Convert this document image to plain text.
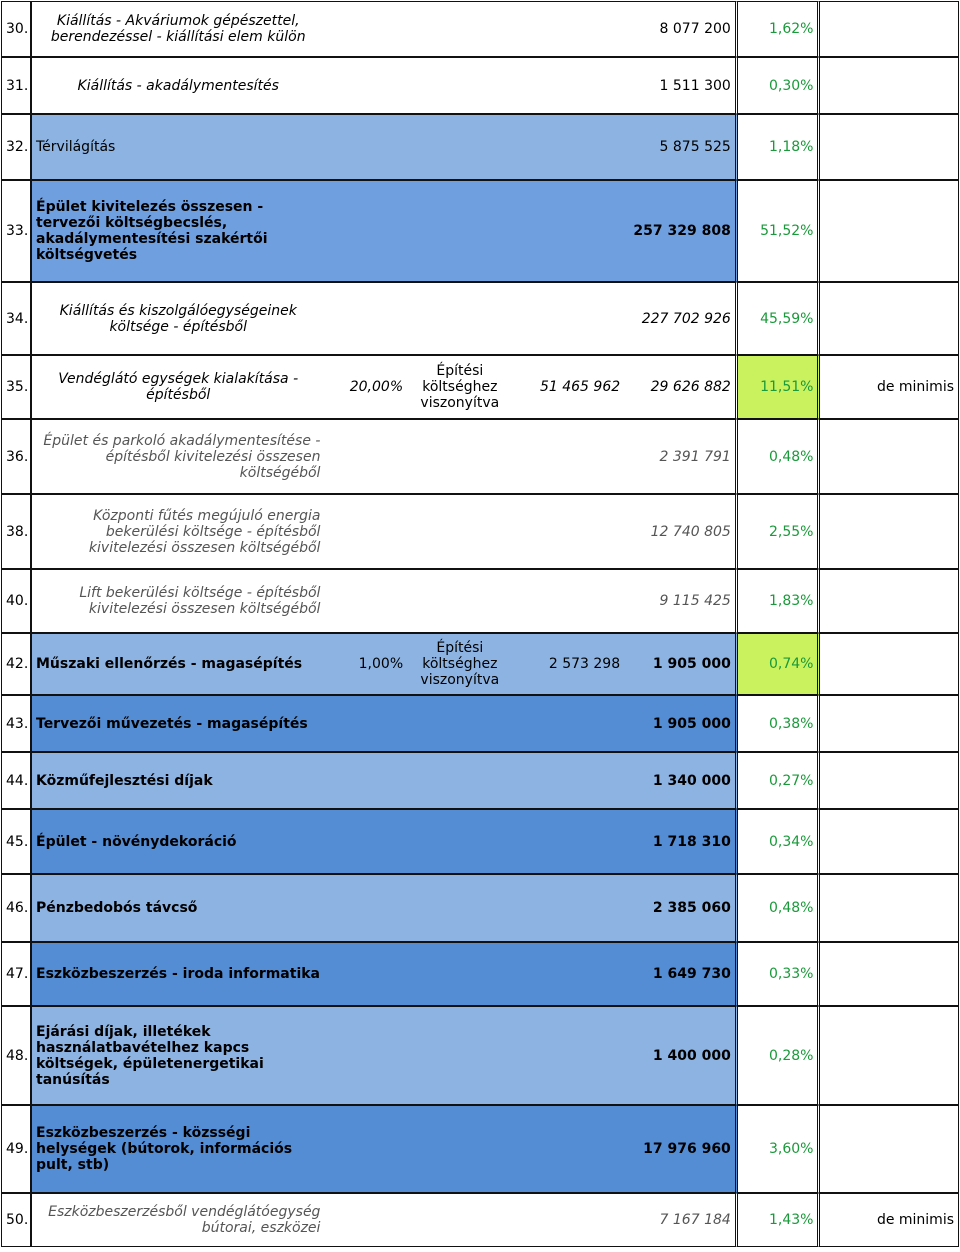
30.	Kiállítás - Akváriumok gépészettel, berendezéssel - kiállítási elem külön				8 077 200	1,62%	
31.	Kiállítás - akadálymentesítés				1 511 300	0,30%	
32.	Térvilágítás				5 875 525	1,18%	
33.	Épület kivitelezés összesen - tervezői költségbecslés, akadálymentesítési szakértői költségvetés				257 329 808	51,52%	
34.	Kiállítás és kiszolgálóegységeinek költsége - építésből				227 702 926	45,59%	
35.	Vendéglátó egységek kialakítása - építésből	20,00%	Építési költséghez viszonyítva	51 465 962	29 626 882	11,51%	de minimis
36.	Épület és parkoló akadálymentesítése - építésből kivitelezési összesen költségéből				2 391 791	0,48%	
38.	Központi fűtés megújuló energia bekerülési költsége - építésből kivitelezési összesen költségéből				12 740 805	2,55%	
40.	Lift bekerülési költsége - építésből kivitelezési összesen költségéből				9 115 425	1,83%	
42.	Műszaki ellenőrzés - magasépítés	1,00%	Építési költséghez viszonyítva	2 573 298	1 905 000	0,74%	
43.	Tervezői művezetés - magasépítés				1 905 000	0,38%	
44.	Közműfejlesztési díjak				1 340 000	0,27%	
45.	Épület - növénydekoráció				1 718 310	0,34%	
46.	Pénzbedobós távcső				2 385 060	0,48%	
47.	Eszközbeszerzés - iroda informatika				1 649 730	0,33%	
48.	Ejárási díjak, illetékek használatbavételhez kapcs költségek, épületenergetikai tanúsítás				1 400 000	0,28%	
49.	Eszközbeszerzés - közsségi helységek (bútorok, információs pult, stb)				17 976 960	3,60%	
50.	Eszközbeszerzésből vendéglátóegység bútorai, eszközei				7 167 184	1,43%	de minimis
